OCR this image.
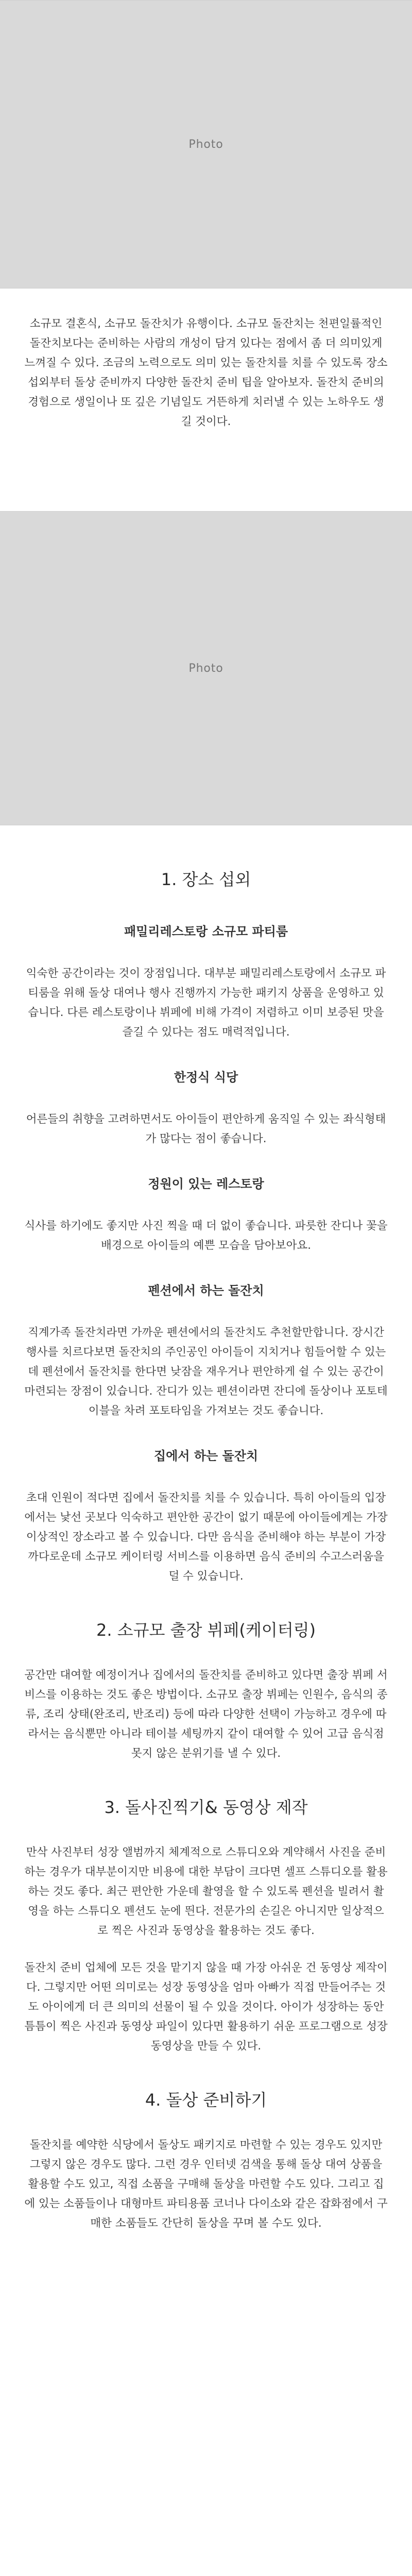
Photo

소규모 결혼식, 소규모 돌잔치가 유행이다. 소규모 돌잔치는 천편일률적인 돌잔치보다는 준비하는 사람의 개성이 담겨 있다는 점에서 좀 더 의미있게 느껴질 수 있다. 조금의 노력으로도 의미 있는 돌잔치를 치를 수 있도록 장소 섭외부터 돌상 준비까지 다양한 돌잔치 준비 팁을 알아보자. 돌잔치 준비의 경험으로 생일이나 또 깊은 기념일도 거뜬하게 치러낼 수 있는 노하우도 생길 것이다.

Photo
1. 장소 섭외
패밀리레스토랑 소규모 파티룸

익숙한 공간이라는 것이 장점입니다. 대부분 패밀리레스토랑에서 소규모 파티룸을 위해 돌상 대여나 행사 진행까지 가능한 패키지 상품을 운영하고 있습니다. 다른 레스토랑이나 뷔페에 비해 가격이 저렴하고 이미 보증된 맛을 즐길 수 있다는 점도 매력적입니다.

한정식 식당

어른들의 취향을 고려하면서도 아이들이 편안하게 움직일 수 있는 좌식형태가 많다는 점이 좋습니다.

정원이 있는 레스토랑

식사를 하기에도 좋지만 사진 찍을 때 더 없이 좋습니다. 파릇한 잔디나 꽃을 배경으로 아이들의 예쁜 모습을 담아보아요.

펜션에서 하는 돌잔치

직계가족 돌잔치라면 가까운 펜션에서의 돌잔치도 추천할만합니다. 장시간 행사를 치르다보면 돌잔치의 주인공인 아이들이 지치거나 힘들어할 수 있는데 펜션에서 돌잔치를 한다면 낮잠을 재우거나 편안하게 쉴 수 있는 공간이 마련되는 장점이 있습니다. 잔디가 있는 펜션이라면 잔디에 돌상이나 포토테이블을 차려 포토타임을 가져보는 것도 좋습니다.

집에서 하는 돌잔치

초대 인원이 적다면 집에서 돌잔치를 치를 수 있습니다. 특히 아이들의 입장에서는 낯선 곳보다 익숙하고 편안한 공간이 없기 때문에 아이들에게는 가장 이상적인 장소라고 볼 수 있습니다. 다만 음식을 준비해야 하는 부분이 가장 까다로운데 소규모 케이터링 서비스를 이용하면 음식 준비의 수고스러움을 덜 수 있습니다.

2. 소규모 출장 뷔페(케이터링)

공간만 대여할 예정이거나 집에서의 돌잔치를 준비하고 있다면 출장 뷔페 서비스를 이용하는 것도 좋은 방법이다. 소규모 출장 뷔페는 인원수, 음식의 종류, 조리 상태(완조리, 반조리) 등에 따라 다양한 선택이 가능하고 경우에 따라서는 음식뿐만 아니라 테이블 세팅까지 같이 대여할 수 있어 고급 음식점 못지 않은 분위기를 낼 수 있다.

3. 돌사진찍기& 동영상 제작

만삭 사진부터 성장 앨범까지 체계적으로 스튜디오와 계약해서 사진을 준비하는 경우가 대부분이지만 비용에 대한 부담이 크다면 셀프 스튜디오를 활용하는 것도 좋다. 최근 편안한 가운데 촬영을 할 수 있도록 펜션을 빌려서 촬영을 하는 스튜디오 펜션도 눈에 띈다. 전문가의 손길은 아니지만 일상적으로 찍은 사진과 동영상을 활용하는 것도 좋다.

돌잔치 준비 업체에 모든 것을 맡기지 않을 때 가장 아쉬운 건 동영상 제작이다. 그렇지만 어떤 의미로는 성장 동영상을 엄마 아빠가 직접 만들어주는 것도 아이에게 더 큰 의미의 선물이 될 수 있을 것이다. 아이가 성장하는 동안 틈틈이 찍은 사진과 동영상 파일이 있다면 활용하기 쉬운 프로그램으로 성장 동영상을 만들 수 있다.

4. 돌상 준비하기

돌잔치를 예약한 식당에서 돌상도 패키지로 마련할 수 있는 경우도 있지만 그렇지 않은 경우도 많다. 그런 경우 인터넷 검색을 통해 돌상 대여 상품을 활용할 수도 있고, 직접 소품을 구매해 돌상을 마련할 수도 있다. 그리고 집에 있는 소품들이나 대형마트 파티용품 코너나 다이소와 같은 잡화점에서 구매한 소품들도 간단히 돌상을 꾸며 볼 수도 있다.
